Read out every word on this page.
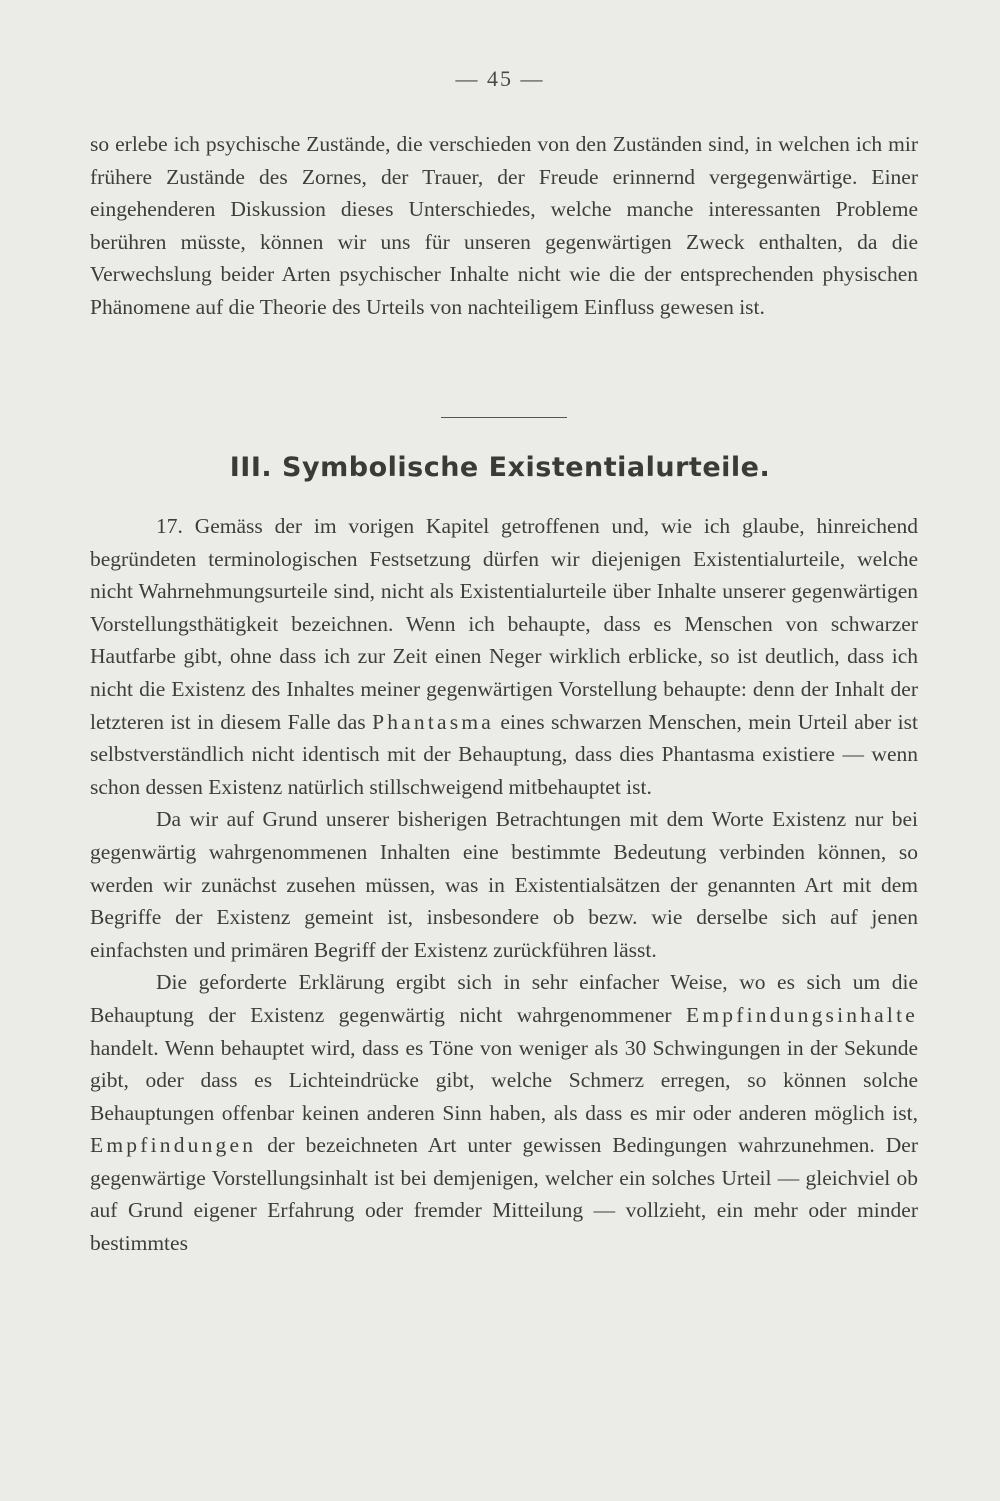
— 45 —
so erlebe ich psychische Zustände, die verschieden von den Zuständen sind, in welchen ich mir frühere Zustände des Zornes, der Trauer, der Freude erinnernd vergegenwärtige. Einer eingehenderen Diskussion dieses Unterschiedes, welche manche interessanten Probleme berühren müsste, können wir uns für unseren gegenwärtigen Zweck enthalten, da die Verwechslung beider Arten psychischer Inhalte nicht wie die der entsprechenden physischen Phänomene auf die Theorie des Urteils von nachteiligem Einfluss gewesen ist.
III. Symbolische Existentialurteile.

17. Gemäss der im vorigen Kapitel getroffenen und, wie ich glaube, hinreichend begründeten terminologischen Festsetzung dürfen wir diejenigen Existentialurteile, welche nicht Wahrnehmungsurteile sind, nicht als Existentialurteile über Inhalte unserer gegenwärtigen Vorstellungsthätigkeit bezeichnen. Wenn ich behaupte, dass es Menschen von schwarzer Hautfarbe gibt, ohne dass ich zur Zeit einen Neger wirklich erblicke, so ist deutlich, dass ich nicht die Existenz des Inhaltes meiner gegenwärtigen Vorstellung behaupte: denn der Inhalt der letzteren ist in diesem Falle das Phantasma eines schwarzen Menschen, mein Urteil aber ist selbstverständlich nicht identisch mit der Behauptung, dass dies Phantasma existiere — wenn schon dessen Existenz natürlich stillschweigend mitbehauptet ist.

Da wir auf Grund unserer bisherigen Betrachtungen mit dem Worte Existenz nur bei gegenwärtig wahrgenommenen Inhalten eine bestimmte Bedeutung verbinden können, so werden wir zunächst zusehen müssen, was in Existentialsätzen der genannten Art mit dem Begriffe der Existenz gemeint ist, insbesondere ob bezw. wie derselbe sich auf jenen einfachsten und primären Begriff der Existenz zurückführen lässt.

Die geforderte Erklärung ergibt sich in sehr einfacher Weise, wo es sich um die Behauptung der Existenz gegenwärtig nicht wahrgenommener Empfindungsinhalte handelt. Wenn behauptet wird, dass es Töne von weniger als 30 Schwingungen in der Sekunde gibt, oder dass es Lichteindrücke gibt, welche Schmerz erregen, so können solche Behauptungen offenbar keinen anderen Sinn haben, als dass es mir oder anderen möglich ist, Empfindungen der bezeichneten Art unter gewissen Bedingungen wahrzunehmen. Der gegenwärtige Vorstellungsinhalt ist bei demjenigen, welcher ein solches Urteil — gleichviel ob auf Grund eigener Erfahrung oder fremder Mitteilung — vollzieht, ein mehr oder minder bestimmtes
